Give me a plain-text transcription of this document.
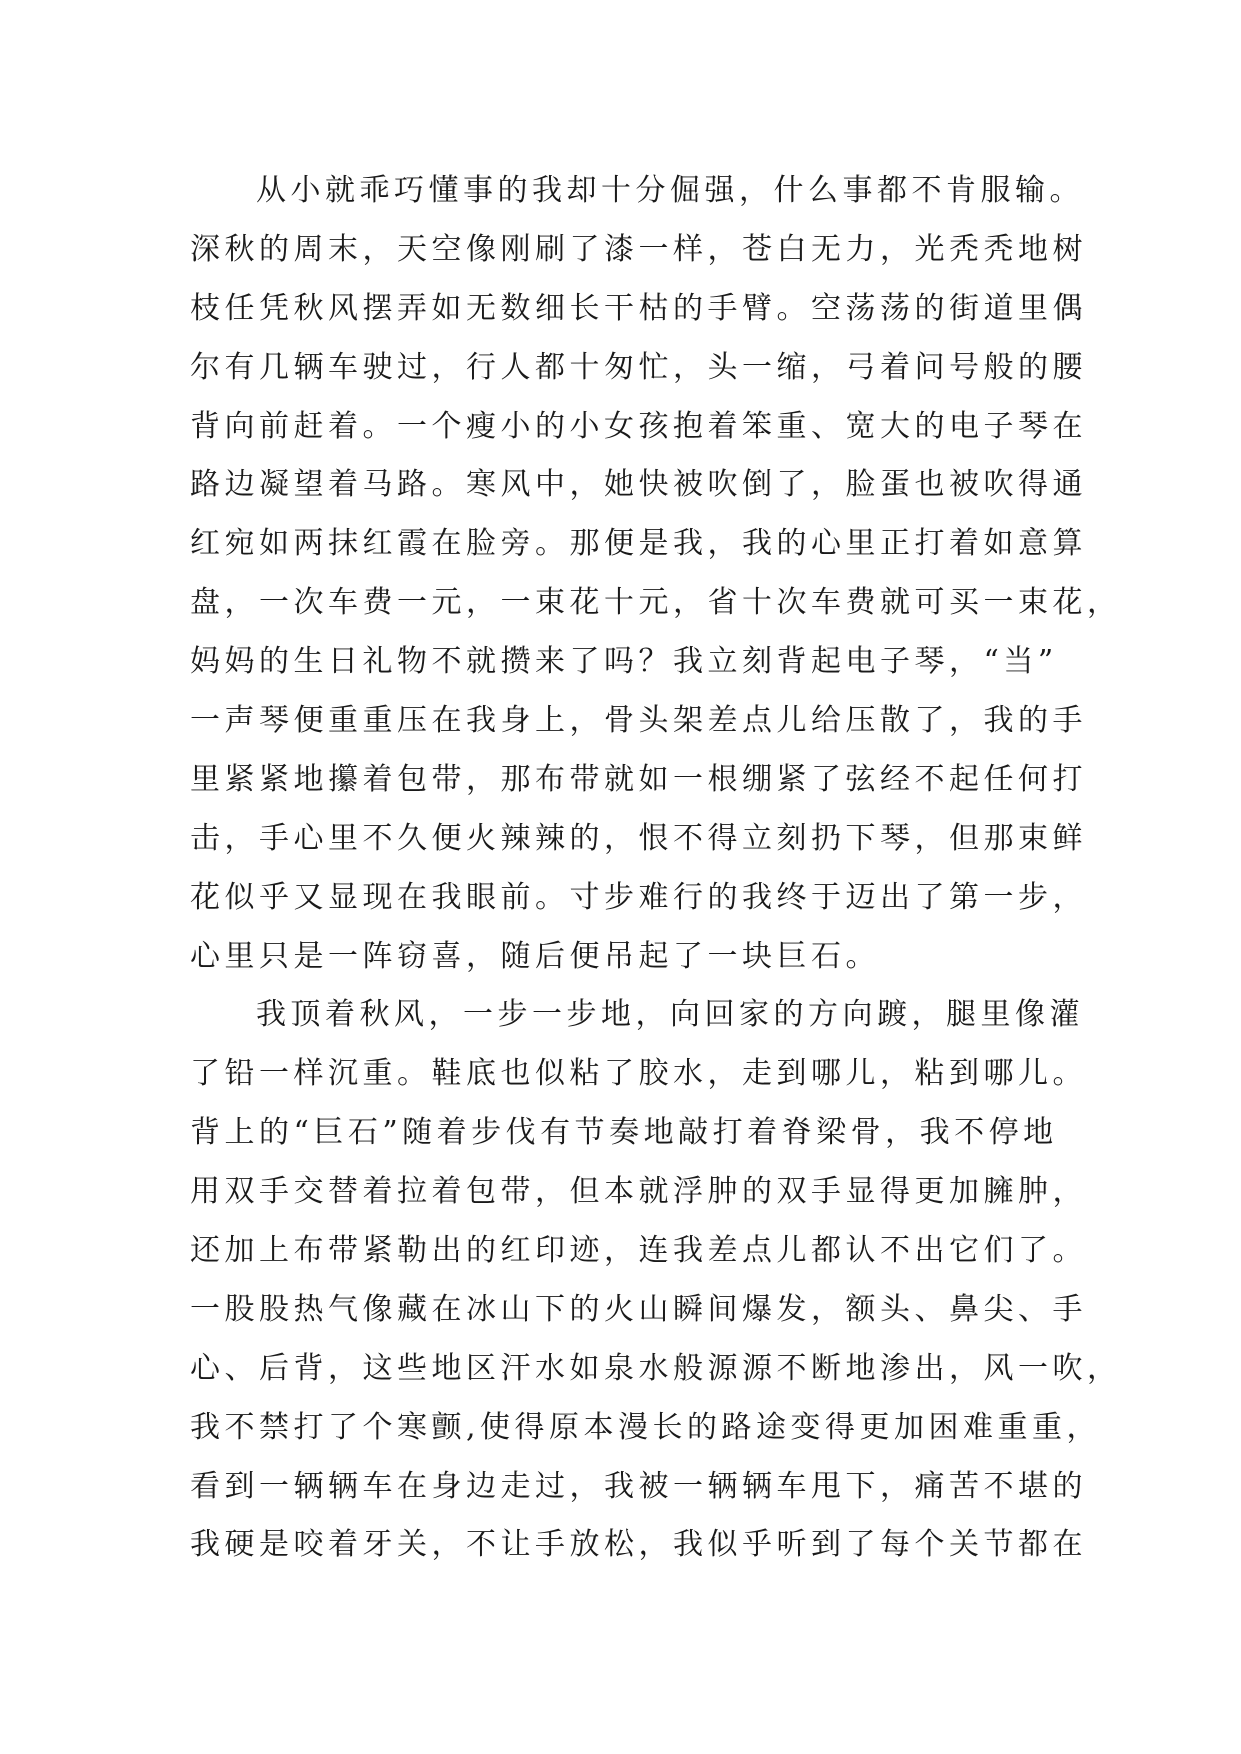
从小就乖巧懂事的我却十分倔强，什么事都不肯服输。
深秋的周末，天空像刚刷了漆一样，苍白无力，光秃秃地树
枝任凭秋风摆弄如无数细长干枯的手臂。空荡荡的街道里偶
尔有几辆车驶过，行人都十匆忙，头一缩，弓着问号般的腰
背向前赶着。一个瘦小的小女孩抱着笨重、宽大的电子琴在
路边凝望着马路。寒风中，她快被吹倒了，脸蛋也被吹得通
红宛如两抹红霞在脸旁。那便是我，我的心里正打着如意算
盘，一次车费一元，一束花十元，省十次车费就可买一束花，
妈妈的生日礼物不就攒来了吗？我立刻背起电子琴，“当”
一声琴便重重压在我身上，骨头架差点儿给压散了，我的手
里紧紧地攥着包带，那布带就如一根绷紧了弦经不起任何打
击，手心里不久便火辣辣的，恨不得立刻扔下琴，但那束鲜
花似乎又显现在我眼前。寸步难行的我终于迈出了第一步，
心里只是一阵窃喜，随后便吊起了一块巨石。
我顶着秋风，一步一步地，向回家的方向踱，腿里像灌
了铅一样沉重。鞋底也似粘了胶水，走到哪儿，粘到哪儿。
背上的“巨石”随着步伐有节奏地敲打着脊梁骨，我不停地
用双手交替着拉着包带，但本就浮肿的双手显得更加臃肿，
还加上布带紧勒出的红印迹，连我差点儿都认不出它们了。
一股股热气像藏在冰山下的火山瞬间爆发，额头、鼻尖、手
心、后背，这些地区汗水如泉水般源源不断地渗出，风一吹，
我不禁打了个寒颤,使得原本漫长的路途变得更加困难重重，
看到一辆辆车在身边走过，我被一辆辆车甩下，痛苦不堪的
我硬是咬着牙关，不让手放松，我似乎听到了每个关节都在
